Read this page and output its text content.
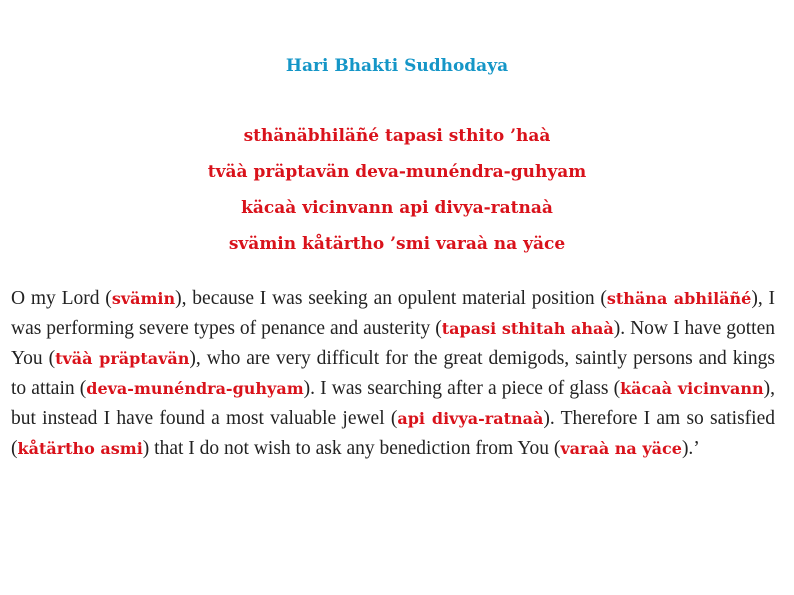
Hari Bhakti Sudhodaya
sthänäbhiläñé tapasi sthito ’haà
tväà präptavän deva-munéndra-guhyam
käcaà vicinvann api divya-ratnaà
svämin kåtärtho ’smi varaà na yäce
O my Lord (svämin), because I was seeking an opulent material position (sthäna abhiläñé), I was performing severe types of penance and austerity (tapasi sthitah ahaà). Now I have gotten You (tväà präptavän), who are very difficult for the great demigods, saintly persons and kings to attain (deva-munéndra-guhyam). I was searching after a piece of glass (käcaà vicinvann), but instead I have found a most valuable jewel (api divya-ratnaà). Therefore I am so satisfied (kåtärtho asmi) that I do not wish to ask any benediction from You (varaà na yäce).’
